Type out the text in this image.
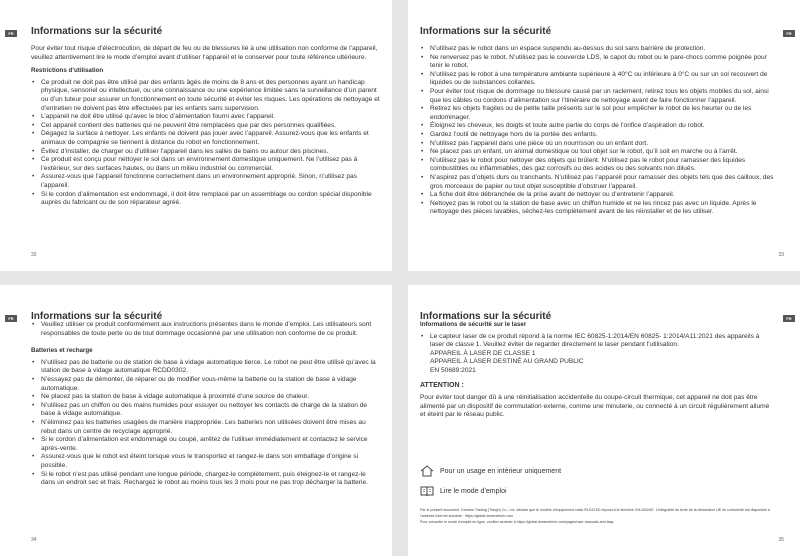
FR	Informations sur la sécurité

Pour éviter tout risque d’électrocution, de départ de feu ou de blessures lié à une utilisation non conforme de l’appareil, veuillez attentivement lire le mode d’emploi avant d’utiliser l’appareil et le conserver pour toute référence ultérieure.

Restrictions d’utilisation
• Ce produit ne doit pas être utilisé par des enfants âgés de moins de 8 ans et des personnes ayant un handicap physique, sensoriel ou intellectuel, ou une connaissance ou une expérience limitée sans la surveillance d’un parent ou d’un tuteur pour assurer un fonctionnement en toute sécurité et éviter les risques. Les opérations de nettoyage et d’entretien ne doivent pas être effectuées par les enfants sans supervision.
• L’appareil ne doit être utilisé qu’avec le bloc d’alimentation fourni avec l’appareil.
• Cet appareil contient des batteries qui ne peuvent être remplacées que par des personnes qualifiées.
• Dégagez la surface à nettoyer. Les enfants ne doivent pas jouer avec l’appareil. Assurez-vous que les enfants et animaux de compagnie se tiennent à distance du robot en fonctionnement.
• Évitez d’installer, de charger ou d’utiliser l’appareil dans les salles de bains ou autour des piscines.
• Ce produit est conçu pour nettoyer le sol dans un environnement domestique uniquement. Ne l’utilisez pas à l’extérieur, sur des surfaces hautes, ou dans un milieu industriel ou commercial.
• Assurez-vous que l’appareil fonctionne correctement dans un environnement approprié. Sinon, n’utilisez pas l’appareil.
• Si le cordon d’alimentation est endommagé, il doit être remplacé par un assemblage ou cordon spécial disponible auprès du fabricant ou de son réparateur agréé.
32
FR
Informations sur la sécurité
• N’utilisez pas le robot dans un espace suspendu au-dessus du sol sans barrière de protection.
• Ne renversez pas le robot. N’utilisez pas le couvercle LDS, le capot du robot ou le pare-chocs comme poignée pour tenir le robot.
• N’utilisez pas le robot à une température ambiante supérieure à 40°C ou inférieure à 0°C ou sur un sol recouvert de liquides ou de substances collantes.
• Pour éviter tout risque de dommage ou blessure causé par un raclement, retirez tous les objets mobiles du sol, ainsi que les câbles ou cordons d’alimentation sur l’itinéraire de nettoyage avant de faire fonctionner l’appareil.
• Retirez les objets fragiles ou de petite taille présents sur le sol pour empêcher le robot de les heurter ou de les endommager.
• Éloignez les cheveux, les doigts et toute autre partie du corps de l’orifice d’aspiration du robot.
• Gardez l’outil de nettoyage hors de la portée des enfants.
• N’utilisez pas l’appareil dans une pièce où un nourrisson ou un enfant dort.
• Ne placez pas un enfant, un animal domestique ou tout objet sur le robot, qu’il soit en marche ou à l’arrêt.
• N’utilisez pas le robot pour nettoyer des objets qui brûlent. N’utilisez pas le robot pour ramasser des liquides combustibles ou inflammables, des gaz corrosifs ou des acides ou des solvants non dilués.
• N’aspirez pas d’objets durs ou tranchants. N’utilisez pas l’appareil pour ramasser des objets tels que des cailloux, des gros morceaux de papier ou tout objet susceptible d’obstruer l’appareil.
• La fiche doit être débranchée de la prise avant de nettoyer ou d’entretenir l’appareil.
• Nettoyez pas le robot ou la station de base avec un chiffon humide et ne les rincez pas avec un liquide. Après le nettoyage des pièces lavables, séchez-les complètement avant de les réinstaller et de les utiliser.
33
FR	Informations sur la sécurité
• Veuillez utiliser ce produit conformément aux instructions présentes dans le monde d’emploi. Les utilisateurs sont responsables de toute perte ou de tout dommage occasionné par une utilisation non conforme de ce produit.
Batteries et recharge
• N’utilisez pas de batterie ou de station de base à vidage automatique tierce. Le robot ne peut être utilisé qu’avec la station de base à vidage automatique RCDD0302.
• N’essayez pas de démonter, de réparer ou de modifier vous-même la batterie ou la station de base à vidage automatique.
• Ne placez pas la station de base à vidage automatique à proximité d’une source de chaleur.
• N’utilisez pas un chiffon ou des mains humides pour essuyer ou nettoyer les contacts de charge de la station de base à vidage automatique.
• N’éliminez pas les batteries usagées de manière inappropriée. Les batteries non utilisées doivent être mises au rebut dans un centre de recyclage approprié.
• Si le cordon d’alimentation est endommagé ou coupé, arrêtez de l’utiliser immédiatement et contactez le service après-vente.
• Assurez-vous que le robot est éteint lorsque vous le transportez et rangez-le dans son emballage d’origine si possible.
• Si le robot n’est pas utilisé pendant une longue période, chargez-le complètement, puis éteignez-le et rangez-le dans un endroit sec et frais. Rechargez le robot au moins tous les 3 mois pour ne pas trop décharger la batterie.
34
FR
Informations sur la sécurité
Informations de sécurité sur le laser
• Le capteur laser de ce produit répond à la norme IEC 60825-1:2014/EN 60825- 1:2014/A11:2021 des appareils à laser de classe 1. Veuillez éviter de regarder directement le laser pendant l’utilisation.
APPAREIL À LASER DE CLASSE 1
APPAREIL À LASER DESTINÉ AU GRAND PUBLIC
EN 50689:2021
ATTENTION :

Pour éviter tout danger dû à une réinitialisation accidentelle du coupe-circuit thermique, cet appareil ne doit pas être alimenté par un dispositif de commutation externe, comme une minuterie, ou connecté à un circuit régulièrement allumé et éteint par le réseau public.

Pour un usage en intérieur uniquement
Lire le mode d’emploi
Par le présent document, Dreame Trading (Tianjin) Co., Ltd. déclare que le modèle d’équipement radio RLD41SD répond à la directive 2014/53/UE. L’intégralité du texte de la déclaration UE de conformité est disponible à l’adresse Internet suivante : https://global.dreametech.com
Pour consulter le mode d’emploi en ligne, veuillez accéder à https://global.dreametech.com/pages/user-manuals-and-faqs
35
